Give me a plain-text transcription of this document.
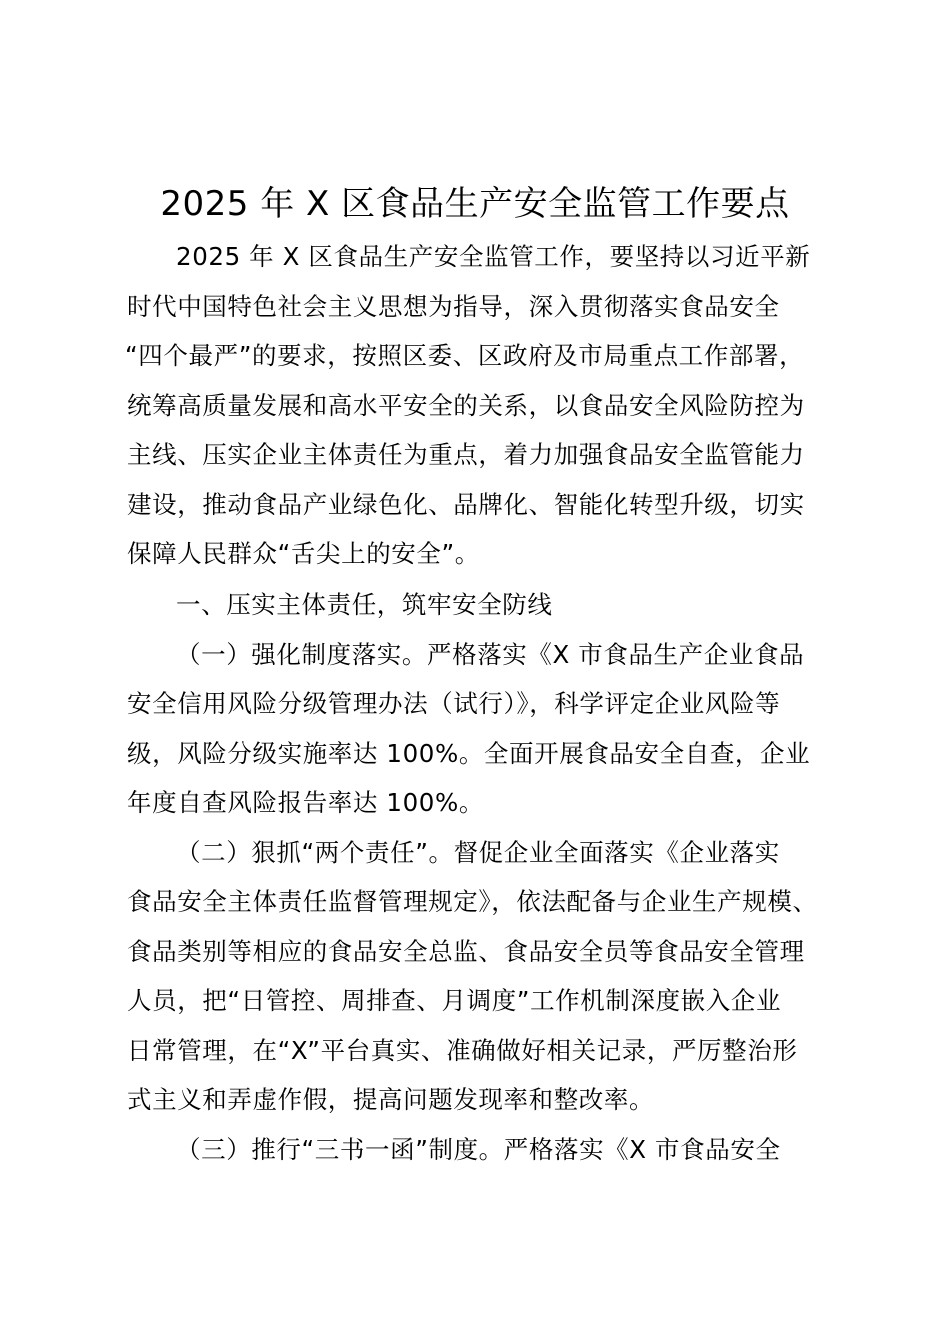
2025 年 X 区食品生产安全监管工作要点
2025 年 X 区食品生产安全监管工作，要坚持以习近平新
时代中国特色社会主义思想为指导，深入贯彻落实食品安全
“四个最严”的要求，按照区委、区政府及市局重点工作部署，
统筹高质量发展和高水平安全的关系，以食品安全风险防控为
主线、压实企业主体责任为重点，着力加强食品安全监管能力
建设，推动食品产业绿色化、品牌化、智能化转型升级，切实
保障人民群众“舌尖上的安全”。
一、压实主体责任，筑牢安全防线
（一）强化制度落实。严格落实《X 市食品生产企业食品
安全信用风险分级管理办法（试行）》，科学评定企业风险等
级，风险分级实施率达 100%。全面开展食品安全自查，企业
年度自查风险报告率达 100%。
（二）狠抓“两个责任”。督促企业全面落实《企业落实
食品安全主体责任监督管理规定》，依法配备与企业生产规模、
食品类别等相应的食品安全总监、食品安全员等食品安全管理
人员，把“日管控、周排查、月调度”工作机制深度嵌入企业
日常管理，在“X”平台真实、准确做好相关记录，严厉整治形
式主义和弄虚作假，提高问题发现率和整改率。
（三）推行“三书一函”制度。严格落实《X 市食品安全
